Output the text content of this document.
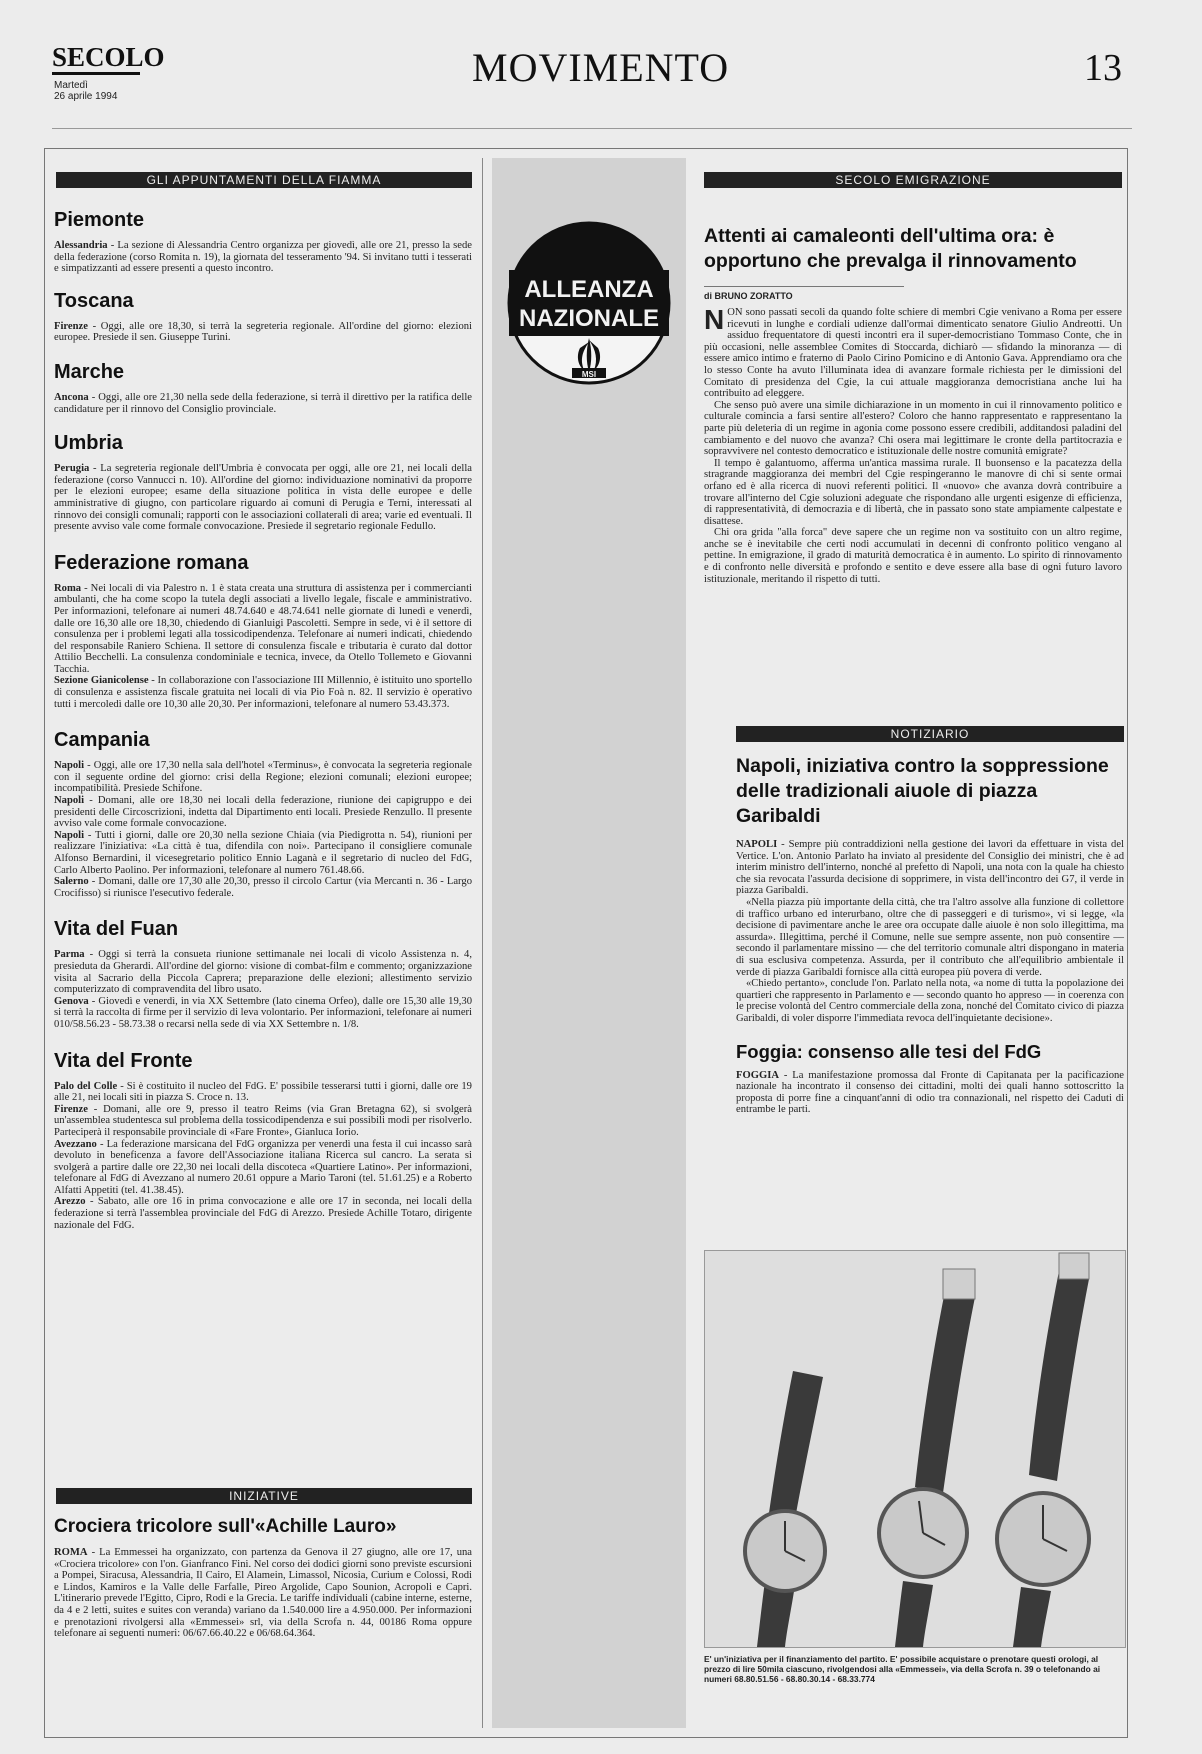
SECOLO
Martedì
26 aprile 1994
MOVIMENTO	13
GLI APPUNTAMENTI DELLA FIAMMA
Piemonte

Alessandria - La sezione di Alessandria Centro organizza per giovedì, alle ore 21, presso la sede della federazione (corso Romita n. 19), la giornata del tesseramento '94. Si invitano tutti i tesserati e simpatizzanti ad essere presenti a questo incontro.

Toscana

Firenze - Oggi, alle ore 18,30, si terrà la segreteria regionale. All'ordine del giorno: elezioni europee. Presiede il sen. Giuseppe Turini.

Marche

Ancona - Oggi, alle ore 21,30 nella sede della federazione, si terrà il direttivo per la ratifica delle candidature per il rinnovo del Consiglio provinciale.

Umbria

Perugia - La segreteria regionale dell'Umbria è convocata per oggi, alle ore 21, nei locali della federazione (corso Vannucci n. 10). All'ordine del giorno: individuazione nominativi da proporre per le elezioni europee; esame della situazione politica in vista delle europee e delle amministrative di giugno, con particolare riguardo ai comuni di Perugia e Terni, interessati al rinnovo dei consigli comunali; rapporti con le associazioni collaterali di area; varie ed eventuali. Il presente avviso vale come formale convocazione. Presiede il segretario regionale Fedullo.

Federazione romana

Roma - Nei locali di via Palestro n. 1 è stata creata una struttura di assistenza per i commercianti ambulanti, che ha come scopo la tutela degli associati a livello legale, fiscale e amministrativo. Per informazioni, telefonare ai numeri 48.74.640 e 48.74.641 nelle giornate di lunedì e venerdì, dalle ore 16,30 alle ore 18,30, chiedendo di Gianluigi Pascoletti. Sempre in sede, vi è il settore di consulenza per i problemi legati alla tossicodipendenza. Telefonare ai numeri indicati, chiedendo del responsabile Raniero Schiena. Il settore di consulenza fiscale e tributaria è curato dal dottor Attilio Becchelli. La consulenza condominiale e tecnica, invece, da Otello Tollemeto e Giovanni Tacchia.

Sezione Gianicolense - In collaborazione con l'associazione III Millennio, è istituito uno sportello di consulenza e assistenza fiscale gratuita nei locali di via Pio Foà n. 82. Il servizio è operativo tutti i mercoledì dalle ore 10,30 alle 20,30. Per informazioni, telefonare al numero 53.43.373.

Campania

Napoli - Oggi, alle ore 17,30 nella sala dell'hotel «Terminus», è convocata la segreteria regionale con il seguente ordine del giorno: crisi della Regione; elezioni comunali; elezioni europee; incompatibilità. Presiede Schifone.

Napoli - Domani, alle ore 18,30 nei locali della federazione, riunione dei capigruppo e dei presidenti delle Circoscrizioni, indetta dal Dipartimento enti locali. Presiede Renzullo. Il presente avviso vale come formale convocazione.

Napoli - Tutti i giorni, dalle ore 20,30 nella sezione Chiaia (via Piedigrotta n. 54), riunioni per realizzare l'iniziativa: «La città è tua, difendila con noi». Partecipano il consigliere comunale Alfonso Bernardini, il vicesegretario politico Ennio Laganà e il segretario di nucleo del FdG, Carlo Alberto Paolino. Per informazioni, telefonare al numero 761.48.66.

Salerno - Domani, dalle ore 17,30 alle 20,30, presso il circolo Cartur (via Mercanti n. 36 - Largo Crocifisso) si riunisce l'esecutivo federale.

Vita del Fuan

Parma - Oggi si terrà la consueta riunione settimanale nei locali di vicolo Assistenza n. 4, presieduta da Gherardi. All'ordine del giorno: visione di combat-film e commento; organizzazione visita al Sacrario della Piccola Caprera; preparazione delle elezioni; allestimento servizio computerizzato di compravendita del libro usato.

Genova - Giovedì e venerdì, in via XX Settembre (lato cinema Orfeo), dalle ore 15,30 alle 19,30 si terrà la raccolta di firme per il servizio di leva volontario. Per informazioni, telefonare ai numeri 010/58.56.23 - 58.73.38 o recarsi nella sede di via XX Settembre n. 1/8.

Vita del Fronte

Palo del Colle - Si è costituito il nucleo del FdG. E' possibile tesserarsi tutti i giorni, dalle ore 19 alle 21, nei locali siti in piazza S. Croce n. 13.

Firenze - Domani, alle ore 9, presso il teatro Reims (via Gran Bretagna 62), si svolgerà un'assemblea studentesca sul problema della tossicodipendenza e sui possibili modi per risolverlo. Parteciperà il responsabile provinciale di «Fare Fronte», Gianluca Iorio.

Avezzano - La federazione marsicana del FdG organizza per venerdì una festa il cui incasso sarà devoluto in beneficenza a favore dell'Associazione italiana Ricerca sul cancro. La serata si svolgerà a partire dalle ore 22,30 nei locali della discoteca «Quartiere Latino». Per informazioni, telefonare al FdG di Avezzano al numero 20.61 oppure a Mario Taroni (tel. 51.61.25) e a Roberto Alfatti Appetiti (tel. 41.38.45).

Arezzo - Sabato, alle ore 16 in prima convocazione e alle ore 17 in seconda, nei locali della federazione si terrà l'assemblea provinciale del FdG di Arezzo. Presiede Achille Totaro, dirigente nazionale del FdG.

INIZIATIVE
Crociera tricolore sull'«Achille Lauro»

ROMA - La Emmessei ha organizzato, con partenza da Genova il 27 giugno, alle ore 17, una «Crociera tricolore» con l'on. Gianfranco Fini. Nel corso dei dodici giorni sono previste escursioni a Pompei, Siracusa, Alessandria, Il Cairo, El Alamein, Limassol, Nicosia, Curium e Colossi, Rodi e Lindos, Kamiros e la Valle delle Farfalle, Pireo Argolide, Capo Sounion, Acropoli e Capri. L'itinerario prevede l'Egitto, Cipro, Rodi e la Grecia. Le tariffe individuali (cabine interne, esterne, da 4 e 2 letti, suites e suites con veranda) variano da 1.540.000 lire a 4.950.000. Per informazioni e prenotazioni rivolgersi alla «Emmessei» srl, via della Scrofa n. 44, 00186 Roma oppure telefonare ai seguenti numeri: 06/67.66.40.22 e 06/68.64.364.

ALLEANZA
NAZIONALE
MSI
SECOLO EMIGRAZIONE
Attenti ai camaleonti dell'ultima ora: è opportuno che prevalga il rinnovamento
di BRUNO ZORATTO

NON sono passati secoli da quando folte schiere di membri Cgie venivano a Roma per essere ricevuti in lunghe e cordiali udienze dall'ormai dimenticato senatore Giulio Andreotti. Un assiduo frequentatore di questi incontri era il super-democristiano Tommaso Conte, che in più occasioni, nelle assemblee Comites di Stoccarda, dichiarò — sfidando la minoranza — di essere amico intimo e fraterno di Paolo Cirino Pomicino e di Antonio Gava. Apprendiamo ora che lo stesso Conte ha avuto l'illuminata idea di avanzare formale richiesta per le dimissioni del Comitato di presidenza del Cgie, la cui attuale maggioranza democristiana anche lui ha contribuito ad eleggere.

Che senso può avere una simile dichiarazione in un momento in cui il rinnovamento politico e culturale comincia a farsi sentire all'estero? Coloro che hanno rappresentato e rappresentano la parte più deleteria di un regime in agonia come possono essere credibili, additandosi paladini del cambiamento e del nuovo che avanza? Chi osera mai legittimare le cronte della partitocrazia e sopravvivere nel contesto democratico e istituzionale delle nostre comunità emigrate?

Il tempo è galantuomo, afferma un'antica massima rurale. Il buonsenso e la pacatezza della stragrande maggioranza dei membri del Cgie respingeranno le manovre di chi si sente ormai orfano ed è alla ricerca di nuovi referenti politici. Il «nuovo» che avanza dovrà contribuire a trovare all'interno del Cgie soluzioni adeguate che rispondano alle urgenti esigenze di efficienza, di rappresentatività, di democrazia e di libertà, che in passato sono state ampiamente calpestate e disattese.

Chi ora grida "alla forca" deve sapere che un regime non va sostituito con un altro regime, anche se è inevitabile che certi nodi accumulati in decenni di confronto politico vengano al pettine. In emigrazione, il grado di maturità democratica è in aumento. Lo spirito di rinnovamento e di confronto nelle diversità e profondo e sentito e deve essere alla base di ogni futuro lavoro istituzionale, meritando il rispetto di tutti.

NOTIZIARIO
Napoli, iniziativa contro la soppressione delle tradizionali aiuole di piazza Garibaldi

NAPOLI - Sempre più contraddizioni nella gestione dei lavori da effettuare in vista del Vertice. L'on. Antonio Parlato ha inviato al presidente del Consiglio dei ministri, che è ad interim ministro dell'interno, nonché al prefetto di Napoli, una nota con la quale ha chiesto che sia revocata l'assurda decisione di sopprimere, in vista dell'incontro dei G7, il verde in piazza Garibaldi.

«Nella piazza più importante della città, che tra l'altro assolve alla funzione di collettore di traffico urbano ed interurbano, oltre che di passeggeri e di turismo», vi si legge, «la decisione di pavimentare anche le aree ora occupate dalle aiuole è non solo illegittima, ma assurda». Illegittima, perché il Comune, nelle sue sempre assente, non può consentire — secondo il parlamentare missino — che del territorio comunale altri dispongano in materia di sua esclusiva competenza. Assurda, per il contributo che all'equilibrio ambientale il verde di piazza Garibaldi fornisce alla città europea più povera di verde.

«Chiedo pertanto», conclude l'on. Parlato nella nota, «a nome di tutta la popolazione dei quartieri che rappresento in Parlamento e — secondo quanto ho appreso — in coerenza con le precise volontà del Centro commerciale della zona, nonché del Comitato civico di piazza Garibaldi, di voler disporre l'immediata revoca dell'inquietante decisione».

Foggia: consenso alle tesi del FdG

FOGGIA - La manifestazione promossa dal Fronte di Capitanata per la pacificazione nazionale ha incontrato il consenso dei cittadini, molti dei quali hanno sottoscritto la proposta di porre fine a cinquant'anni di odio tra connazionali, nel rispetto dei Caduti di entrambe le parti.

E' un'iniziativa per il finanziamento del partito. E' possibile acquistare o prenotare questi orologi, al prezzo di lire 50mila ciascuno, rivolgendosi alla «Emmessei», via della Scrofa n. 39 o telefonando ai numeri 68.80.51.56 - 68.80.30.14 - 68.33.774
